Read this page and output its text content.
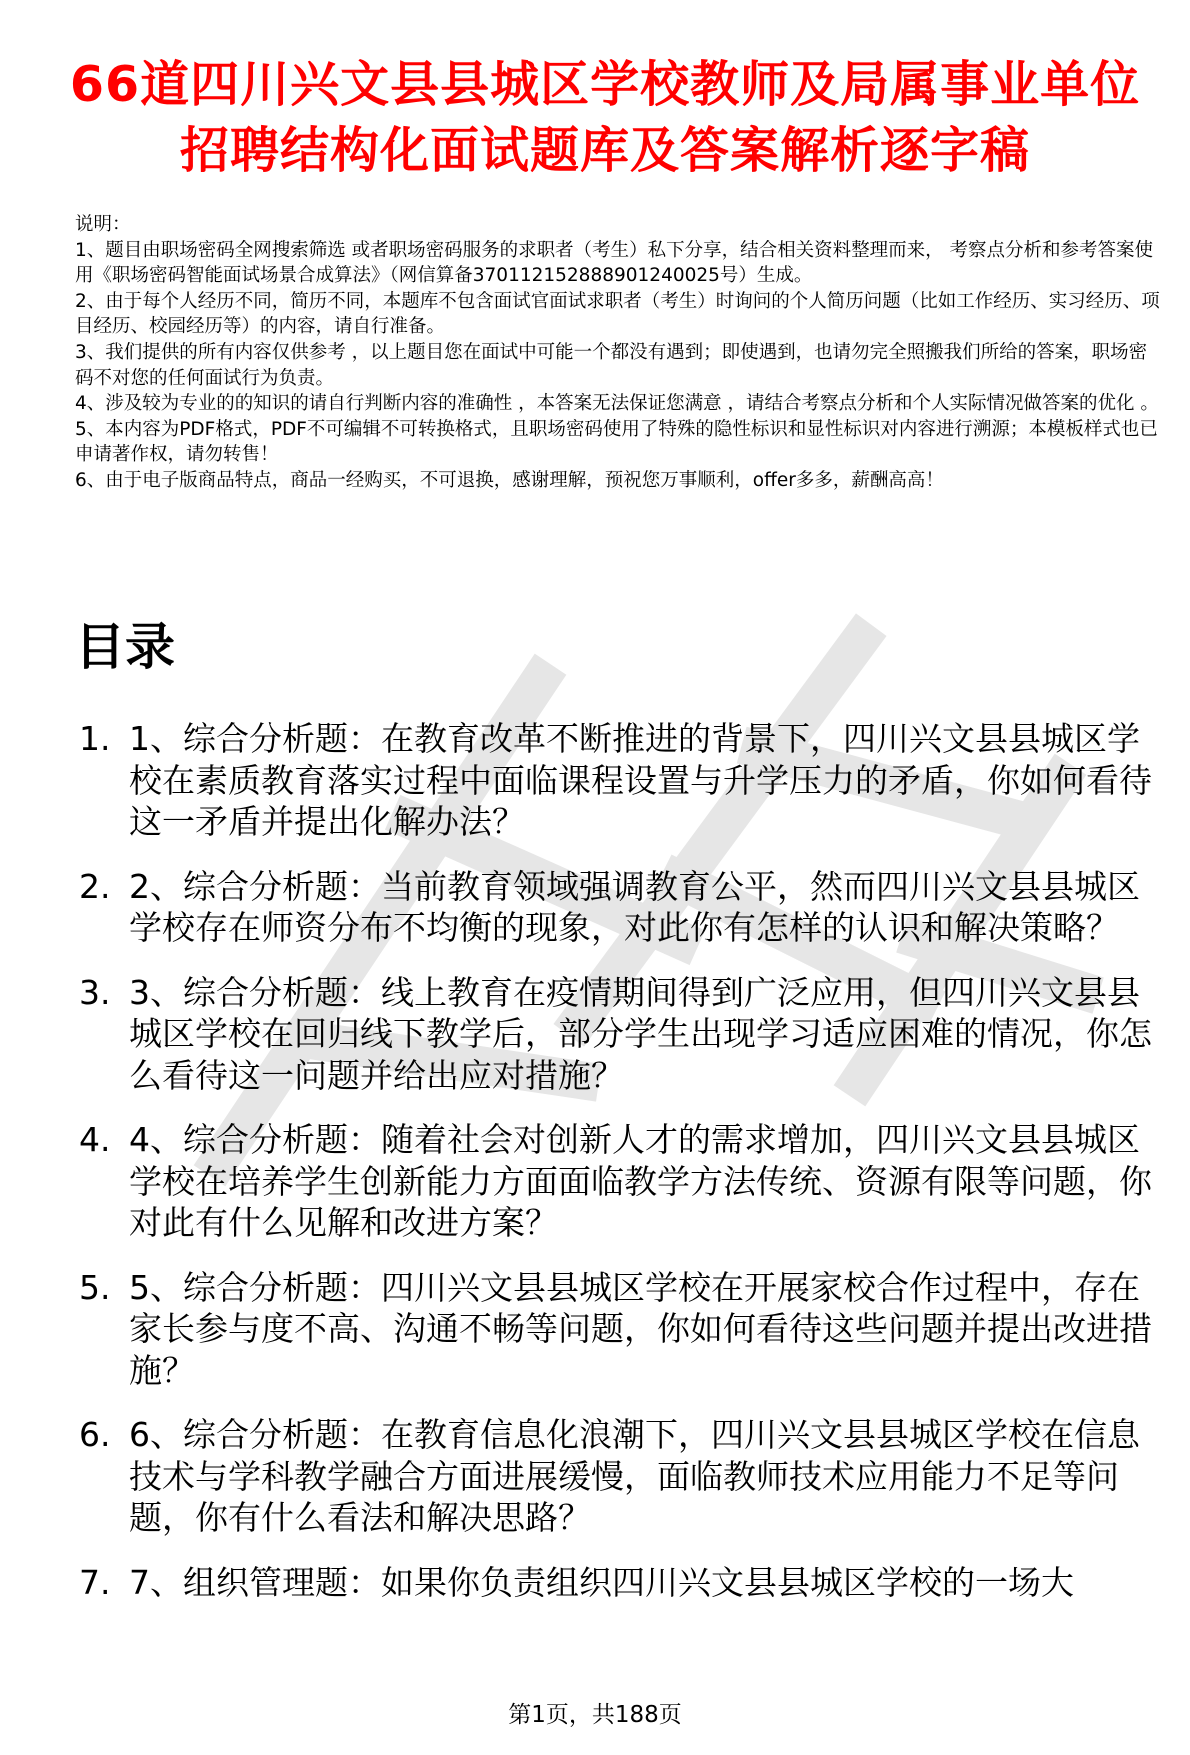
66道四川兴文县县城区学校教师及局属事业单位招聘结构化面试题库及答案解析逐字稿

说明：

1、题目由职场密码全网搜索筛选 或者职场密码服务的求职者（考生）私下分享，结合相关资料整理而来， 考察点分析和参考答案使用《职场密码智能面试场景合成算法》（网信算备370112152888901240025号）生成。

2、由于每个人经历不同，简历不同，本题库不包含面试官面试求职者（考生）时询问的个人简历问题（比如工作经历、实习经历、项目经历、校园经历等）的内容，请自行准备。

3、我们提供的所有内容仅供参考 ，以上题目您在面试中可能一个都没有遇到；即使遇到，也请勿完全照搬我们所给的答案，职场密码不对您的任何面试行为负责。

4、涉及较为专业的的知识的请自行判断内容的准确性 ，本答案无法保证您满意 ，请结合考察点分析和个人实际情况做答案的优化 。

5、本内容为PDF格式，PDF不可编辑不可转换格式，且职场密码使用了特殊的隐性标识和显性标识对内容进行溯源；本模板样式也已申请著作权，请勿转售！

6、由于电子版商品特点，商品一经购买，不可退换，感谢理解，预祝您万事顺利，offer多多，薪酬高高！

目录
1. 1、综合分析题：在教育改革不断推进的背景下，四川兴文县县城区学校在素质教育落实过程中面临课程设置与升学压力的矛盾，你如何看待这一矛盾并提出化解办法？
2. 2、综合分析题：当前教育领域强调教育公平，然而四川兴文县县城区学校存在师资分布不均衡的现象，对此你有怎样的认识和解决策略？
3. 3、综合分析题：线上教育在疫情期间得到广泛应用，但四川兴文县县城区学校在回归线下教学后，部分学生出现学习适应困难的情况，你怎么看待这一问题并给出应对措施？
4. 4、综合分析题：随着社会对创新人才的需求增加，四川兴文县县城区学校在培养学生创新能力方面面临教学方法传统、资源有限等问题，你对此有什么见解和改进方案？
5. 5、综合分析题：四川兴文县县城区学校在开展家校合作过程中，存在家长参与度不高、沟通不畅等问题，你如何看待这些问题并提出改进措施？
6. 6、综合分析题：在教育信息化浪潮下，四川兴文县县城区学校在信息技术与学科教学融合方面进展缓慢，面临教师技术应用能力不足等问题，你有什么看法和解决思路？
7. 7、组织管理题：如果你负责组织四川兴文县县城区学校的一场大
第1页，共188页
